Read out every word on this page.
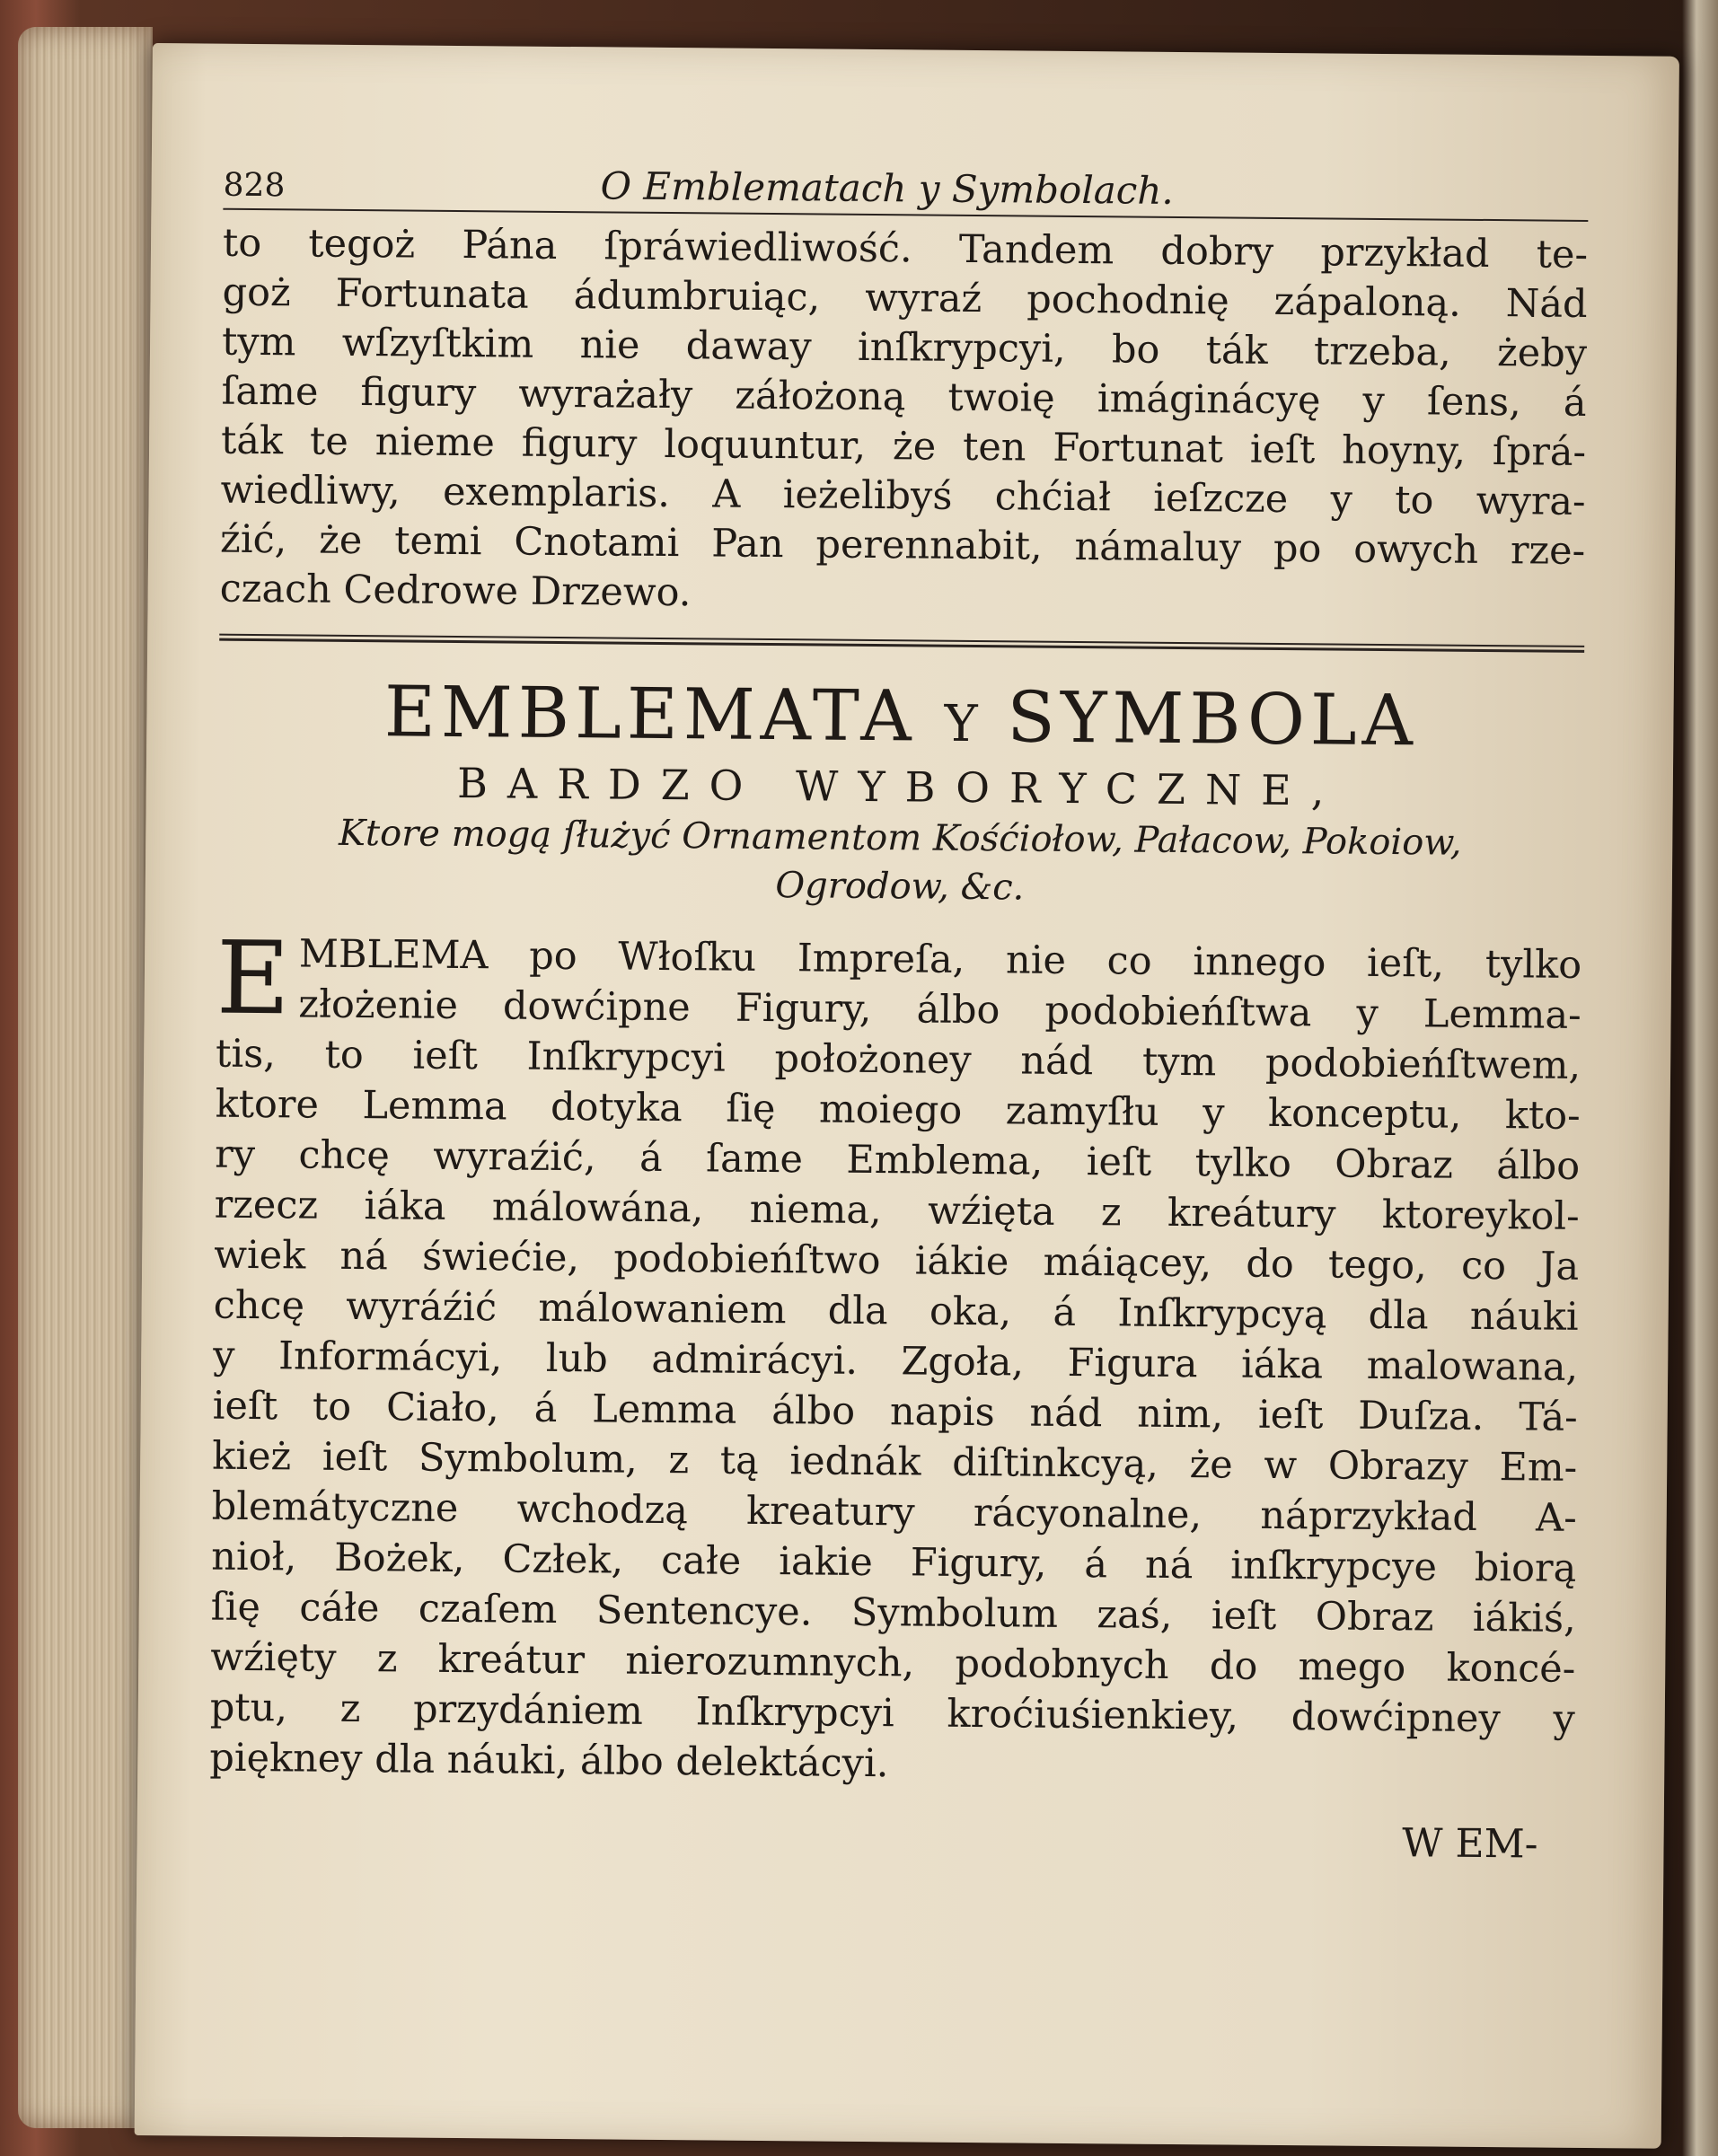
828	O Emblematach y Symbolach.

to tegoż Pána ſpráwiedliwość. Tandem dobry przykład te-
goż Fortunata ádumbruiąc, wyraź pochodnię zápaloną. Nád
tym wſzyſtkim nie daway inſkrypcyi, bo ták trzeba, żeby
ſame figury wyrażały záłożoną twoię imáginácyę y ſens, á
ták te nieme figury loquuntur, że ten Fortunat ieſt hoyny, ſprá-
wiedliwy, exemplaris. A ieżelibyś chćiał ieſzcze y to wyra-
źić, że temi Cnotami Pan perennabit, námaluy po owych rze-
czach Cedrowe Drzewo.

EMBLEMATA Y SYMBOLA
BARDZO WYBORYCZNE,
Ktore mogą ſłużyć Ornamentom Kośćiołow, Pałacow, Pokoiow,
Ogrodow, &c.

E MBLEMA po Włoſku Impreſa, nie co innego ieſt, tylko
złożenie dowćipne Figury, álbo podobieńſtwa y Lemma-
tis, to ieſt Inſkrypcyi położoney nád tym podobieńſtwem,
ktore Lemma dotyka ſię moiego zamyſłu y konceptu, kto-
ry chcę wyraźić, á ſame Emblema, ieſt tylko Obraz álbo
rzecz iáka málowána, niema, wźięta z kreátury ktoreykol-
wiek ná świećie, podobieńſtwo iákie máiącey, do tego, co Ja
chcę wyráźić málowaniem dla oka, á Inſkrypcyą dla náuki
y Informácyi, lub admirácyi. Zgoła, Figura iáka malowana,
ieſt to Ciało, á Lemma álbo napis nád nim, ieſt Duſza. Tá-
kież ieſt Symbolum, z tą iednák diſtinkcyą, że w Obrazy Em-
blemátyczne wchodzą kreatury rácyonalne, náprzykład A-
nioł, Bożek, Człek, całe iakie Figury, á ná inſkrypcye biorą
ſię cáłe czaſem Sentencye. Symbolum zaś, ieſt Obraz iákiś,
wźięty z kreátur nierozumnych, podobnych do mego koncé-
ptu, z przydániem Inſkrypcyi krоćiuśienkiey, dowćipney y
piękney dla náuki, álbo delektácyi.

W EM-
